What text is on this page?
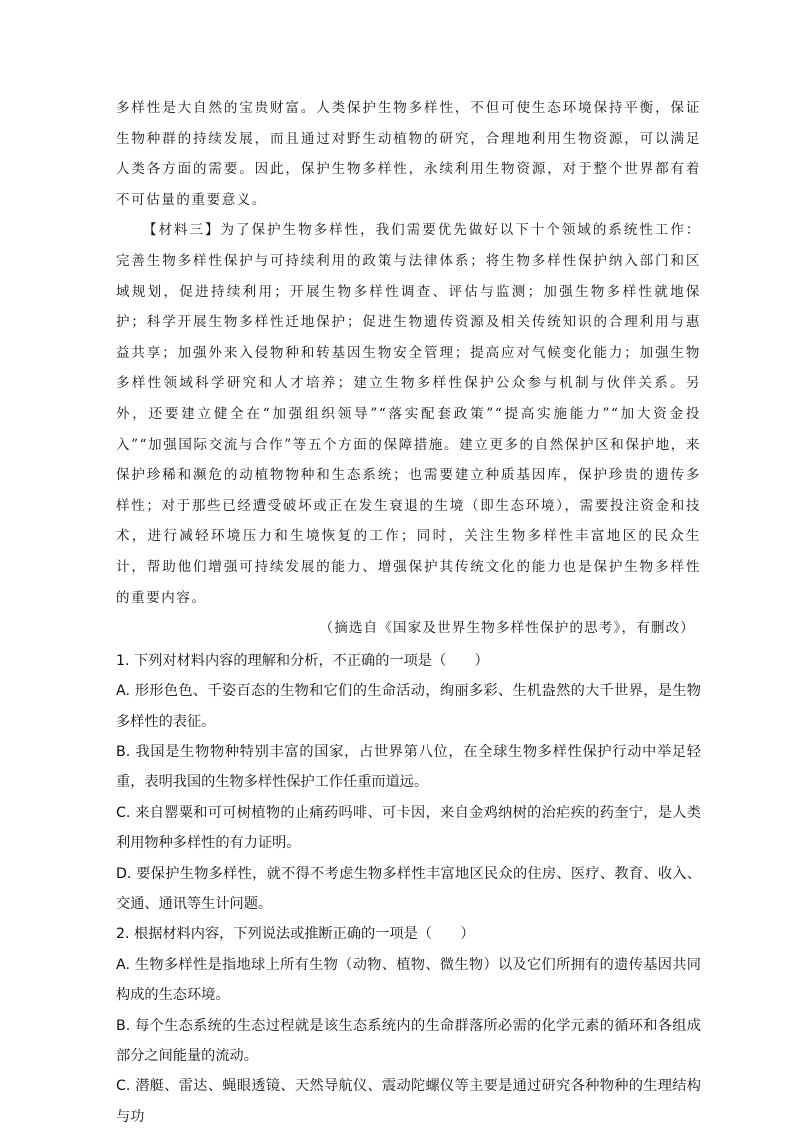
多样性是大自然的宝贵财富。人类保护生物多样性，不但可使生态环境保持平衡，保证生物种群的持续发展，而且通过对野生动植物的研究，合理地利用生物资源，可以满足人类各方面的需要。因此，保护生物多样性，永续利用生物资源，对于整个世界都有着不可估量的重要意义。

【材料三】为了保护生物多样性，我们需要优先做好以下十个领域的系统性工作：完善生物多样性保护与可持续利用的政策与法律体系；将生物多样性保护纳入部门和区域规划，促进持续利用；开展生物多样性调查、评估与监测；加强生物多样性就地保护；科学开展生物多样性迁地保护；促进生物遗传资源及相关传统知识的合理利用与惠益共享；加强外来入侵物种和转基因生物安全管理；提高应对气候变化能力；加强生物多样性领域科学研究和人才培养；建立生物多样性保护公众参与机制与伙伴关系。另外，还要建立健全在“加强组织领导”“落实配套政策”“提高实施能力”“加大资金投入”“加强国际交流与合作”等五个方面的保障措施。建立更多的自然保护区和保护地，来保护珍稀和濒危的动植物物种和生态系统；也需要建立种质基因库，保护珍贵的遗传多样性；对于那些已经遭受破坏或正在发生衰退的生境（即生态环境），需要投注资金和技术，进行减轻环境压力和生境恢复的工作；同时，关注生物多样性丰富地区的民众生计，帮助他们增强可持续发展的能力、增强保护其传统文化的能力也是保护生物多样性的重要内容。

（摘选自《国家及世界生物多样性保护的思考》，有删改）

1. 下列对材料内容的理解和分析，不正确的一项是（　　）

A. 形形色色、千姿百态的生物和它们的生命活动，绚丽多彩、生机盎然的大千世界，是生物多样性的表征。

B. 我国是生物物种特别丰富的国家，占世界第八位，在全球生物多样性保护行动中举足轻重，表明我国的生物多样性保护工作任重而道远。

C. 来自罂粟和可可树植物的止痛药吗啡、可卡因，来自金鸡纳树的治疟疾的药奎宁，是人类利用物种多样性的有力证明。

D. 要保护生物多样性，就不得不考虑生物多样性丰富地区民众的住房、医疗、教育、收入、交通、通讯等生计问题。

2. 根据材料内容，下列说法或推断正确的一项是（　　）

A. 生物多样性是指地球上所有生物（动物、植物、微生物）以及它们所拥有的遗传基因共同构成的生态环境。

B. 每个生态系统的生态过程就是该生态系统内的生命群落所必需的化学元素的循环和各组成部分之间能量的流动。

C. 潜艇、雷达、蝇眼透镜、天然导航仪、震动陀螺仪等主要是通过研究各种物种的生理结构与功
